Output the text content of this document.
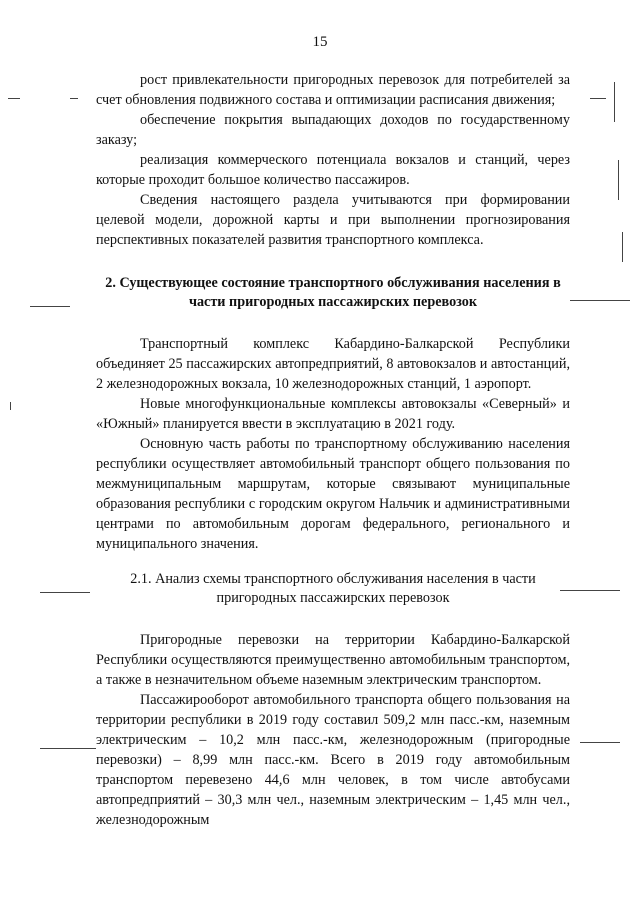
15

рост привлекательности пригородных перевозок для потребителей за счет обновления подвижного состава и оптимизации расписания движения;

обеспечение покрытия выпадающих доходов по государственному заказу;

реализация коммерческого потенциала вокзалов и станций, через которые проходит большое количество пассажиров.

Сведения настоящего раздела учитываются при формировании целевой модели, дорожной карты и при выполнении прогнозирования перспективных показателей развития транспортного комплекса.

2. Существующее состояние транспортного обслуживания населения в части пригородных пассажирских перевозок

Транспортный комплекс Кабардино-Балкарской Республики объединяет 25 пассажирских автопредприятий, 8 автовокзалов и автостанций, 2 железнодорожных вокзала, 10 железнодорожных станций, 1 аэропорт.

Новые многофункциональные комплексы автовокзалы «Северный» и «Южный» планируется ввести в эксплуатацию в 2021 году.

Основную часть работы по транспортному обслуживанию населения республики осуществляет автомобильный транспорт общего пользования по межмуниципальным маршрутам, которые связывают муниципальные образования республики с городским округом Нальчик и административными центрами по автомобильным дорогам федерального, регионального и муниципального значения.

2.1. Анализ схемы транспортного обслуживания населения в части пригородных пассажирских перевозок

Пригородные перевозки на территории Кабардино-Балкарской Республики осуществляются преимущественно автомобильным транспортом, а также в незначительном объеме наземным электрическим транспортом.

Пассажирооборот автомобильного транспорта общего пользования на территории республики в 2019 году составил 509,2 млн пасс.-км, наземным электрическим – 10,2 млн пасс.-км, железнодорожным (пригородные перевозки) – 8,99 млн пасс.-км. Всего в 2019 году автомобильным транспортом перевезено 44,6 млн человек, в том числе автобусами автопредприятий – 30,3 млн чел., наземным электрическим – 1,45 млн чел., железнодорожным
